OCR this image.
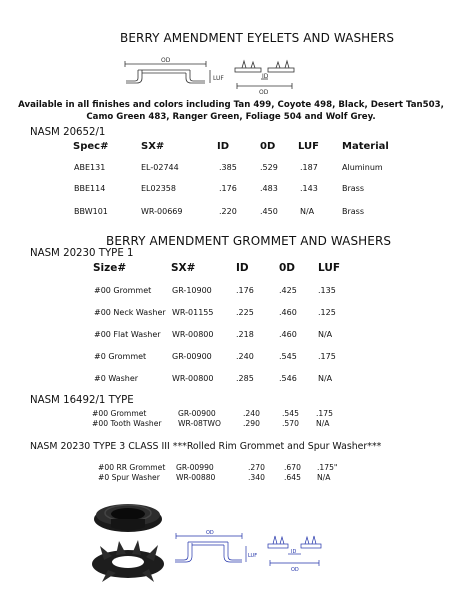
BERRY AMENDMENT EYELETS AND WASHERS
OD
LUF	ID
OD
Available in all finishes and colors including Tan 499, Coyote 498, Black, Desert Tan503, Camo Green 483, Ranger Green, Foliage 504 and Wolf Grey.
NASM 20652/1
Spec#	SX#	ID	0D LUF Material
ABE131	EL-02744	.385	.529	.187	Aluminum
BBE114	EL02358	.176	.483	.143	Brass
BBW101	WR-00669	.220	.450	N/A	Brass
BERRY AMENDMENT GROMMET AND WASHERS
NASM 20230 TYPE 1
Size#	SX#	ID	0D LUF
#00 Grommet	GR-10900	.176	.425	.135
#00 Neck Washer WR-01155	.225	.460	.125
#00 Flat Washer WR-00800	.218	.460	N/A
#0 Grommet	GR-00900	.240	.545	.175
#0 Washer	WR-00800	.285	.546	N/A
NASM 16492/1 TYPE
#00 Grommet	GR-00900	.240	.545 .175
#00 Tooth Washer WR-08TWO	.290	.570 N/A
NASM 20230 TYPE 3 CLASS III ***Rolled Rim Grommet and Spur Washer***
#00 RR Grommet GR-00990	.270	.670 .175"
#0 Spur Washer WR-00880	.340	.645 N/A
OD
LUF
ID
OD
